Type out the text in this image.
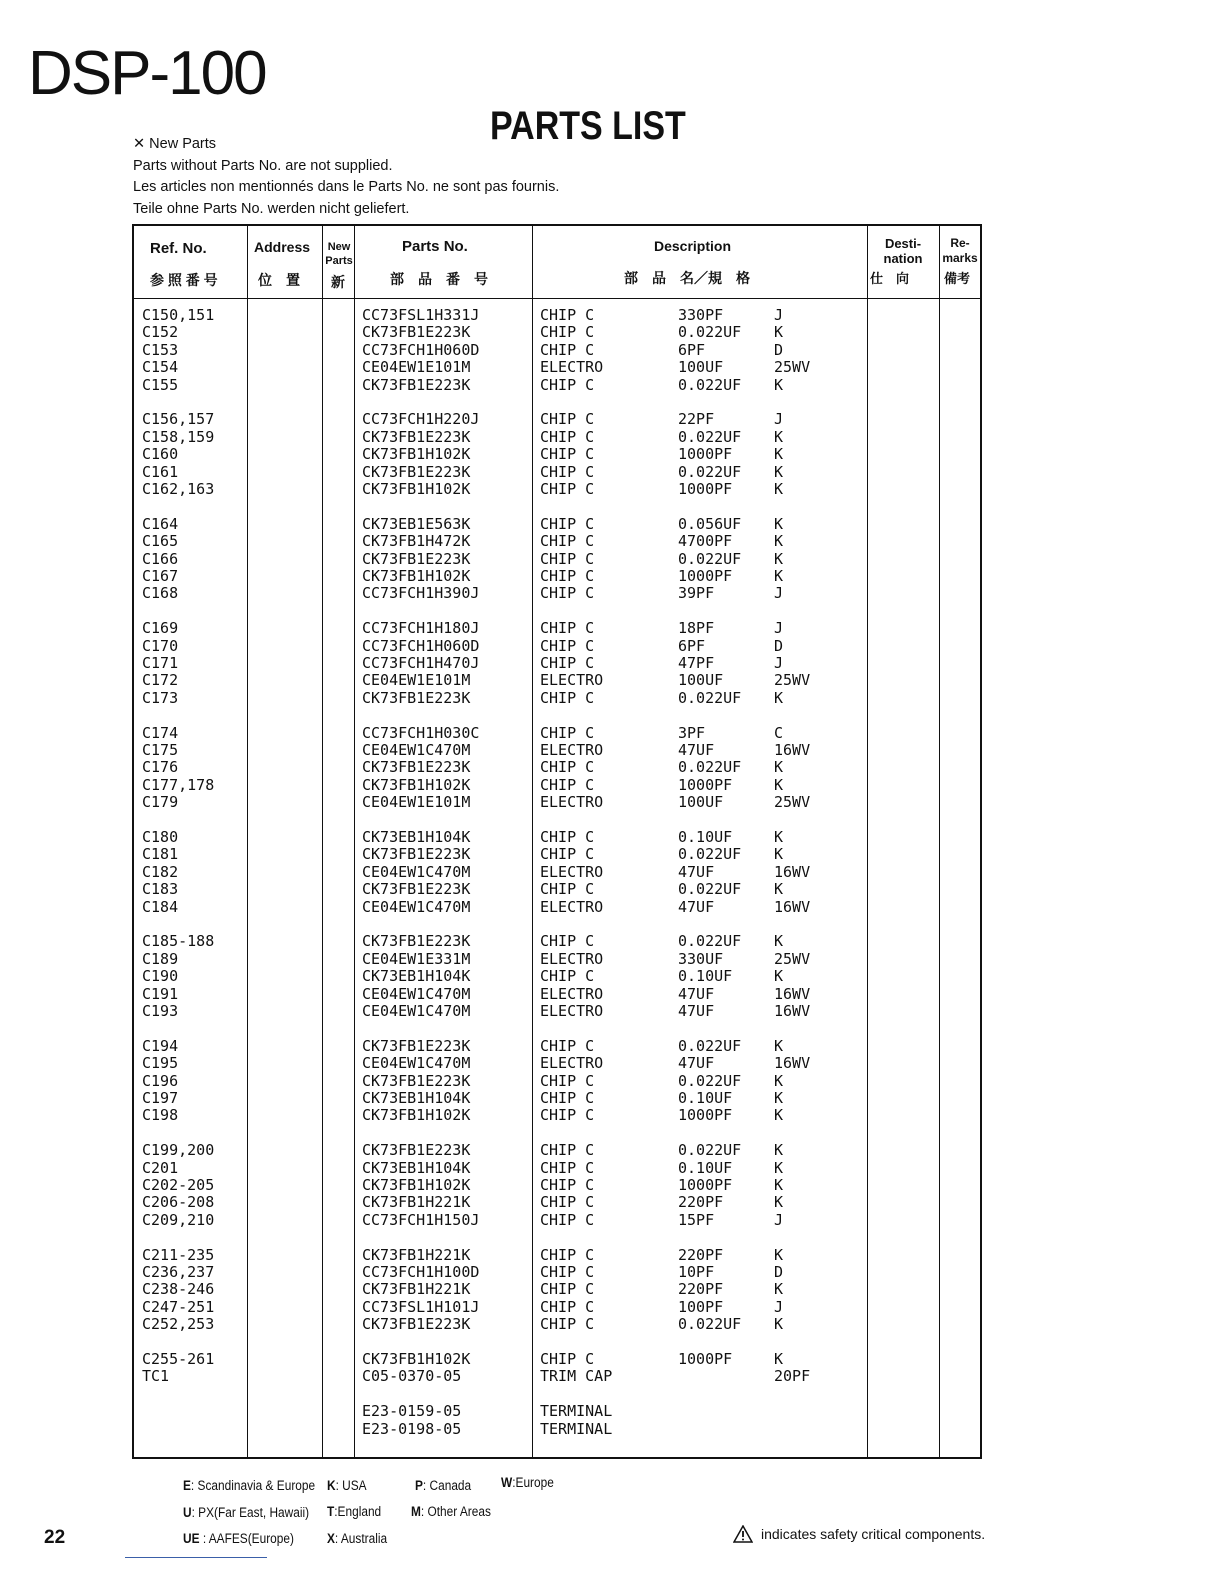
DSP-100
PARTS LIST
✕ New Parts
Parts without Parts No. are not supplied.
Les articles non mentionnés dans le Parts No. ne sont pas fournis.
Teile ohne Parts No. werden nicht geliefert.
Ref. No.
参 照 番 号
Address
位　置
New Parts
新
Parts No.
部　品　番　号
Description
部　品　名／規　格
Desti- nation
仕　向
Re- marks
備考
C150,151	CC73FSL1H331J	CHIP C	330PF	J
C152	CK73FB1E223K	CHIP C	0.022UF K
C153	CC73FCH1H060D	CHIP C	6PF	D
C154	CE04EW1E101M	ELECTRO	100UF	25WV
C155	CK73FB1E223K	CHIP C	0.022UF K
C156,157	CC73FCH1H220J	CHIP C	22PF	J
C158,159	CK73FB1E223K	CHIP C	0.022UF K
C160	CK73FB1H102K	CHIP C	1000PF	K
C161	CK73FB1E223K	CHIP C	0.022UF K
C162,163	CK73FB1H102K	CHIP C	1000PF	K
C164	CK73EB1E563K	CHIP C	0.056UF K
C165	CK73FB1H472K	CHIP C	4700PF	K
C166	CK73FB1E223K	CHIP C	0.022UF K
C167	CK73FB1H102K	CHIP C	1000PF	K
C168	CC73FCH1H390J	CHIP C	39PF	J
C169	CC73FCH1H180J	CHIP C	18PF	J
C170	CC73FCH1H060D	CHIP C	6PF	D
C171	CC73FCH1H470J	CHIP C	47PF	J
C172	CE04EW1E101M	ELECTRO	100UF	25WV
C173	CK73FB1E223K	CHIP C	0.022UF K
C174	CC73FCH1H030C	CHIP C	3PF	C
C175	CE04EW1C470M	ELECTRO	47UF	16WV
C176	CK73FB1E223K	CHIP C	0.022UF K
C177,178	CK73FB1H102K	CHIP C	1000PF	K
C179	CE04EW1E101M	ELECTRO	100UF	25WV
C180	CK73EB1H104K	CHIP C	0.10UF	K
C181	CK73FB1E223K	CHIP C	0.022UF K
C182	CE04EW1C470M	ELECTRO	47UF	16WV
C183	CK73FB1E223K	CHIP C	0.022UF K
C184	CE04EW1C470M	ELECTRO	47UF	16WV
C185-188	CK73FB1E223K	CHIP C	0.022UF K
C189	CE04EW1E331M	ELECTRO	330UF	25WV
C190	CK73EB1H104K	CHIP C	0.10UF	K
C191	CE04EW1C470M	ELECTRO	47UF	16WV
C193	CE04EW1C470M	ELECTRO	47UF	16WV
C194	CK73FB1E223K	CHIP C	0.022UF K
C195	CE04EW1C470M	ELECTRO	47UF	16WV
C196	CK73FB1E223K	CHIP C	0.022UF K
C197	CK73EB1H104K	CHIP C	0.10UF	K
C198	CK73FB1H102K	CHIP C	1000PF	K
C199,200	CK73FB1E223K	CHIP C	0.022UF K
C201	CK73EB1H104K	CHIP C	0.10UF	K
C202-205	CK73FB1H102K	CHIP C	1000PF	K
C206-208	CK73FB1H221K	CHIP C	220PF	K
C209,210	CC73FCH1H150J	CHIP C	15PF	J
C211-235	CK73FB1H221K	CHIP C	220PF	K
C236,237	CC73FCH1H100D	CHIP C	10PF	D
C238-246	CK73FB1H221K	CHIP C	220PF	K
C247-251	CC73FSL1H101J	CHIP C	100PF	J
C252,253	CK73FB1E223K	CHIP C	0.022UF K
C255-261	CK73FB1H102K	CHIP C	1000PF	K
TC1	C05-0370-05	TRIM CAP	20PF
E23-0159-05	TERMINAL
E23-0198-05	TERMINAL
E: Scandinavia & Europe K: USA	P: Canada W:Europe
U: PX(Far East, Hawaii) T:England M: Other Areas
UE : AAFES(Europe) X: Australia
22	indicates safety critical components.
